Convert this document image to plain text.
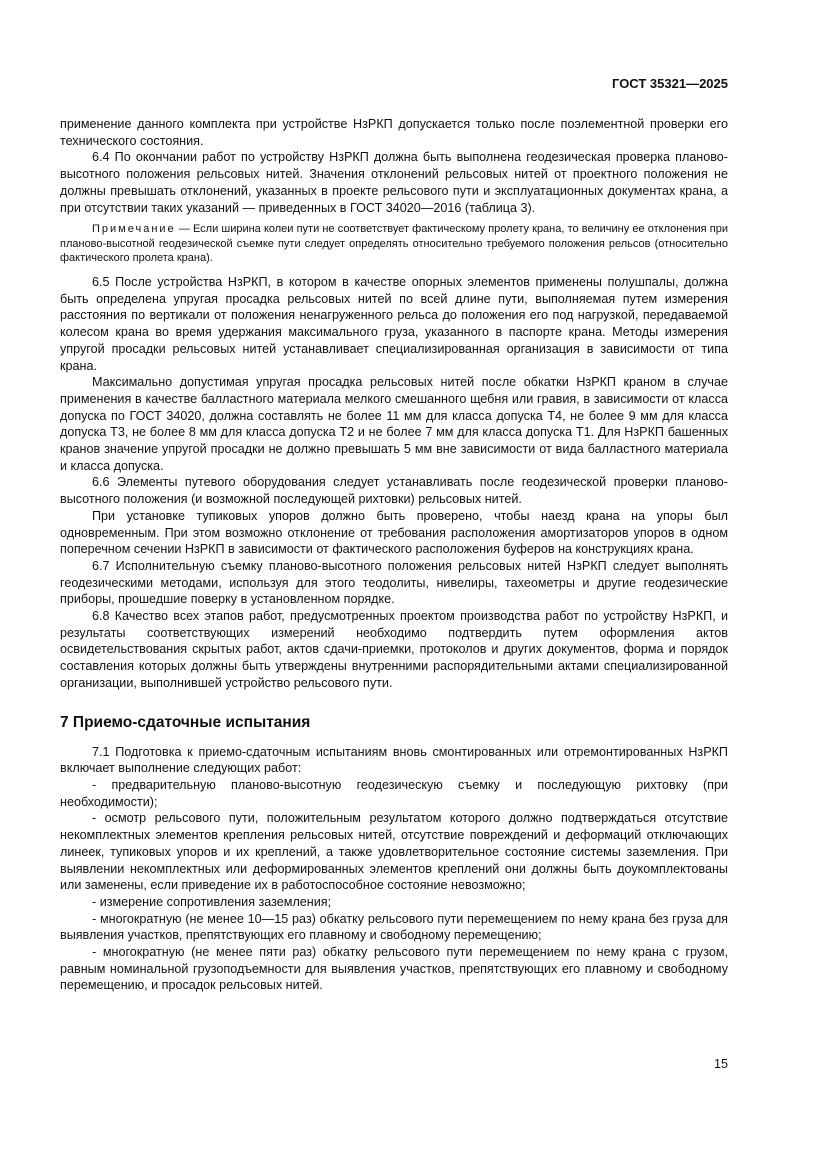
ГОСТ 35321—2025

применение данного комплекта при устройстве НзРКП допускается только после поэлементной проверки его технического состояния.

6.4 По окончании работ по устройству НзРКП должна быть выполнена геодезическая проверка планово-высотного положения рельсовых нитей. Значения отклонений рельсовых нитей от проектного положения не должны превышать отклонений, указанных в проекте рельсового пути и эксплуатационных документах крана, а при отсутствии таких указаний — приведенных в ГОСТ 34020—2016 (таблица 3).

Примечание — Если ширина колеи пути не соответствует фактическому пролету крана, то величину ее отклонения при планово-высотной геодезической съемке пути следует определять относительно требуемого положения рельсов (относительно фактического пролета крана).

6.5 После устройства НзРКП, в котором в качестве опорных элементов применены полушпалы, должна быть определена упругая просадка рельсовых нитей по всей длине пути, выполняемая путем измерения расстояния по вертикали от положения ненагруженного рельса до положения его под нагрузкой, передаваемой колесом крана во время удержания максимального груза, указанного в паспорте крана. Методы измерения упругой просадки рельсовых нитей устанавливает специализированная организация в зависимости от типа крана.

Максимально допустимая упругая просадка рельсовых нитей после обкатки НзРКП краном в случае применения в качестве балластного материала мелкого смешанного щебня или гравия, в зависимости от класса допуска по ГОСТ 34020, должна составлять не более 11 мм для класса допуска Т4, не более 9 мм для класса допуска Т3, не более 8 мм для класса допуска Т2 и не более 7 мм для класса допуска Т1. Для НзРКП башенных кранов значение упругой просадки не должно превышать 5 мм вне зависимости от вида балластного материала и класса допуска.

6.6 Элементы путевого оборудования следует устанавливать после геодезической проверки планово-высотного положения (и возможной последующей рихтовки) рельсовых нитей.

При установке тупиковых упоров должно быть проверено, чтобы наезд крана на упоры был одновременным. При этом возможно отклонение от требования расположения амортизаторов упоров в одном поперечном сечении НзРКП в зависимости от фактического расположения буферов на конструкциях крана.

6.7 Исполнительную съемку планово-высотного положения рельсовых нитей НзРКП следует выполнять геодезическими методами, используя для этого теодолиты, нивелиры, тахеометры и другие геодезические приборы, прошедшие поверку в установленном порядке.

6.8 Качество всех этапов работ, предусмотренных проектом производства работ по устройству НзРКП, и результаты соответствующих измерений необходимо подтвердить путем оформления актов освидетельствования скрытых работ, актов сдачи-приемки, протоколов и других документов, форма и порядок составления которых должны быть утверждены внутренними распорядительными актами специализированной организации, выполнившей устройство рельсового пути.

7 Приемо-сдаточные испытания

7.1 Подготовка к приемо-сдаточным испытаниям вновь смонтированных или отремонтированных НзРКП включает выполнение следующих работ:

- предварительную планово-высотную геодезическую съемку и последующую рихтовку (при необходимости);

- осмотр рельсового пути, положительным результатом которого должно подтверждаться отсутствие некомплектных элементов крепления рельсовых нитей, отсутствие повреждений и деформаций отключающих линеек, тупиковых упоров и их креплений, а также удовлетворительное состояние системы заземления. При выявлении некомплектных или деформированных элементов креплений они должны быть доукомплектованы или заменены, если приведение их в работоспособное состояние невозможно;

- измерение сопротивления заземления;

- многократную (не менее 10—15 раз) обкатку рельсового пути перемещением по нему крана без груза для выявления участков, препятствующих его плавному и свободному перемещению;

- многократную (не менее пяти раз) обкатку рельсового пути перемещением по нему крана с грузом, равным номинальной грузоподъемности для выявления участков, препятствующих его плавному и свободному перемещению, и просадок рельсовых нитей.

15
